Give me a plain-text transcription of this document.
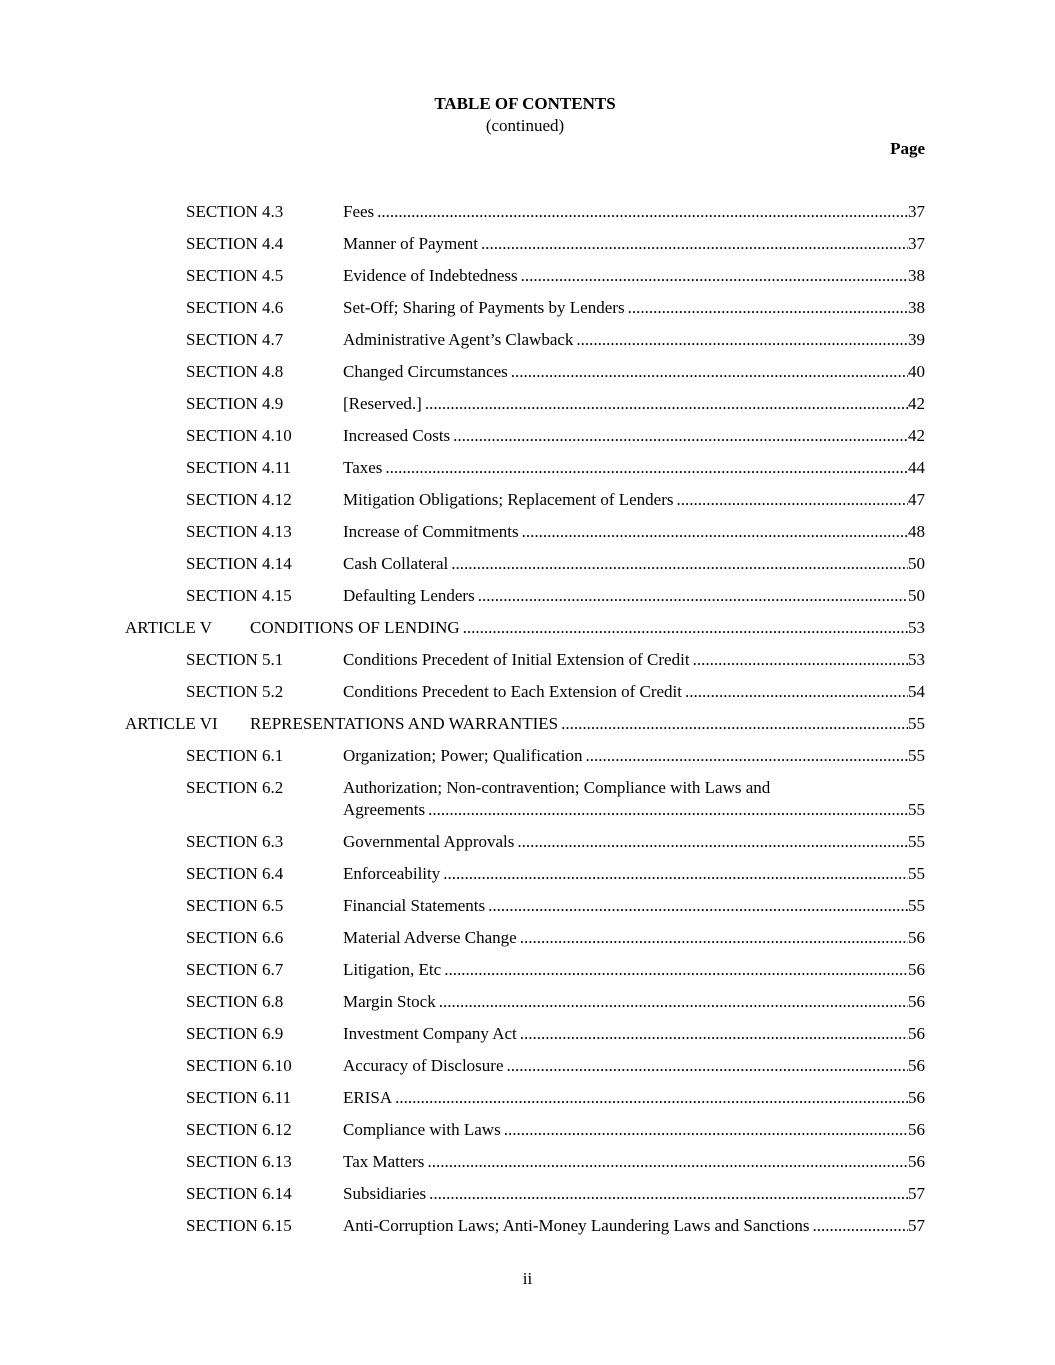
TABLE OF CONTENTS
(continued)
Page
SECTION 4.3	Fees .....	37
SECTION 4.4	Manner of Payment .....	37
SECTION 4.5	Evidence of Indebtedness .....	38
SECTION 4.6	Set-Off; Sharing of Payments by Lenders .....	38
SECTION 4.7	Administrative Agent’s Clawback .....	39
SECTION 4.8	Changed Circumstances .....	40
SECTION 4.9	[Reserved.] .....	42
SECTION 4.10	Increased Costs .....	42
SECTION 4.11	Taxes .....	44
SECTION 4.12	Mitigation Obligations; Replacement of Lenders .....	47
SECTION 4.13	Increase of Commitments .....	48
SECTION 4.14	Cash Collateral .....	50
SECTION 4.15	Defaulting Lenders .....	50
ARTICLE V	CONDITIONS OF LENDING .....	53
SECTION 5.1	Conditions Precedent of Initial Extension of Credit .....	53
SECTION 5.2	Conditions Precedent to Each Extension of Credit .....	54
ARTICLE VI	REPRESENTATIONS AND WARRANTIES .....	55
SECTION 6.1	Organization; Power; Qualification .....	55
SECTION 6.2	Authorization; Non-contravention; Compliance with Laws and
Agreements .....	55
SECTION 6.3	Governmental Approvals .....	55
SECTION 6.4	Enforceability .....	55
SECTION 6.5	Financial Statements .....	55
SECTION 6.6	Material Adverse Change .....	56
SECTION 6.7	Litigation, Etc .....	56
SECTION 6.8	Margin Stock .....	56
SECTION 6.9	Investment Company Act .....	56
SECTION 6.10	Accuracy of Disclosure .....	56
SECTION 6.11	ERISA .....	56
SECTION 6.12	Compliance with Laws .....	56
SECTION 6.13	Tax Matters .....	56
SECTION 6.14	Subsidiaries .....	57
SECTION 6.15	Anti-Corruption Laws; Anti-Money Laundering Laws and Sanctions .....	57
ii
